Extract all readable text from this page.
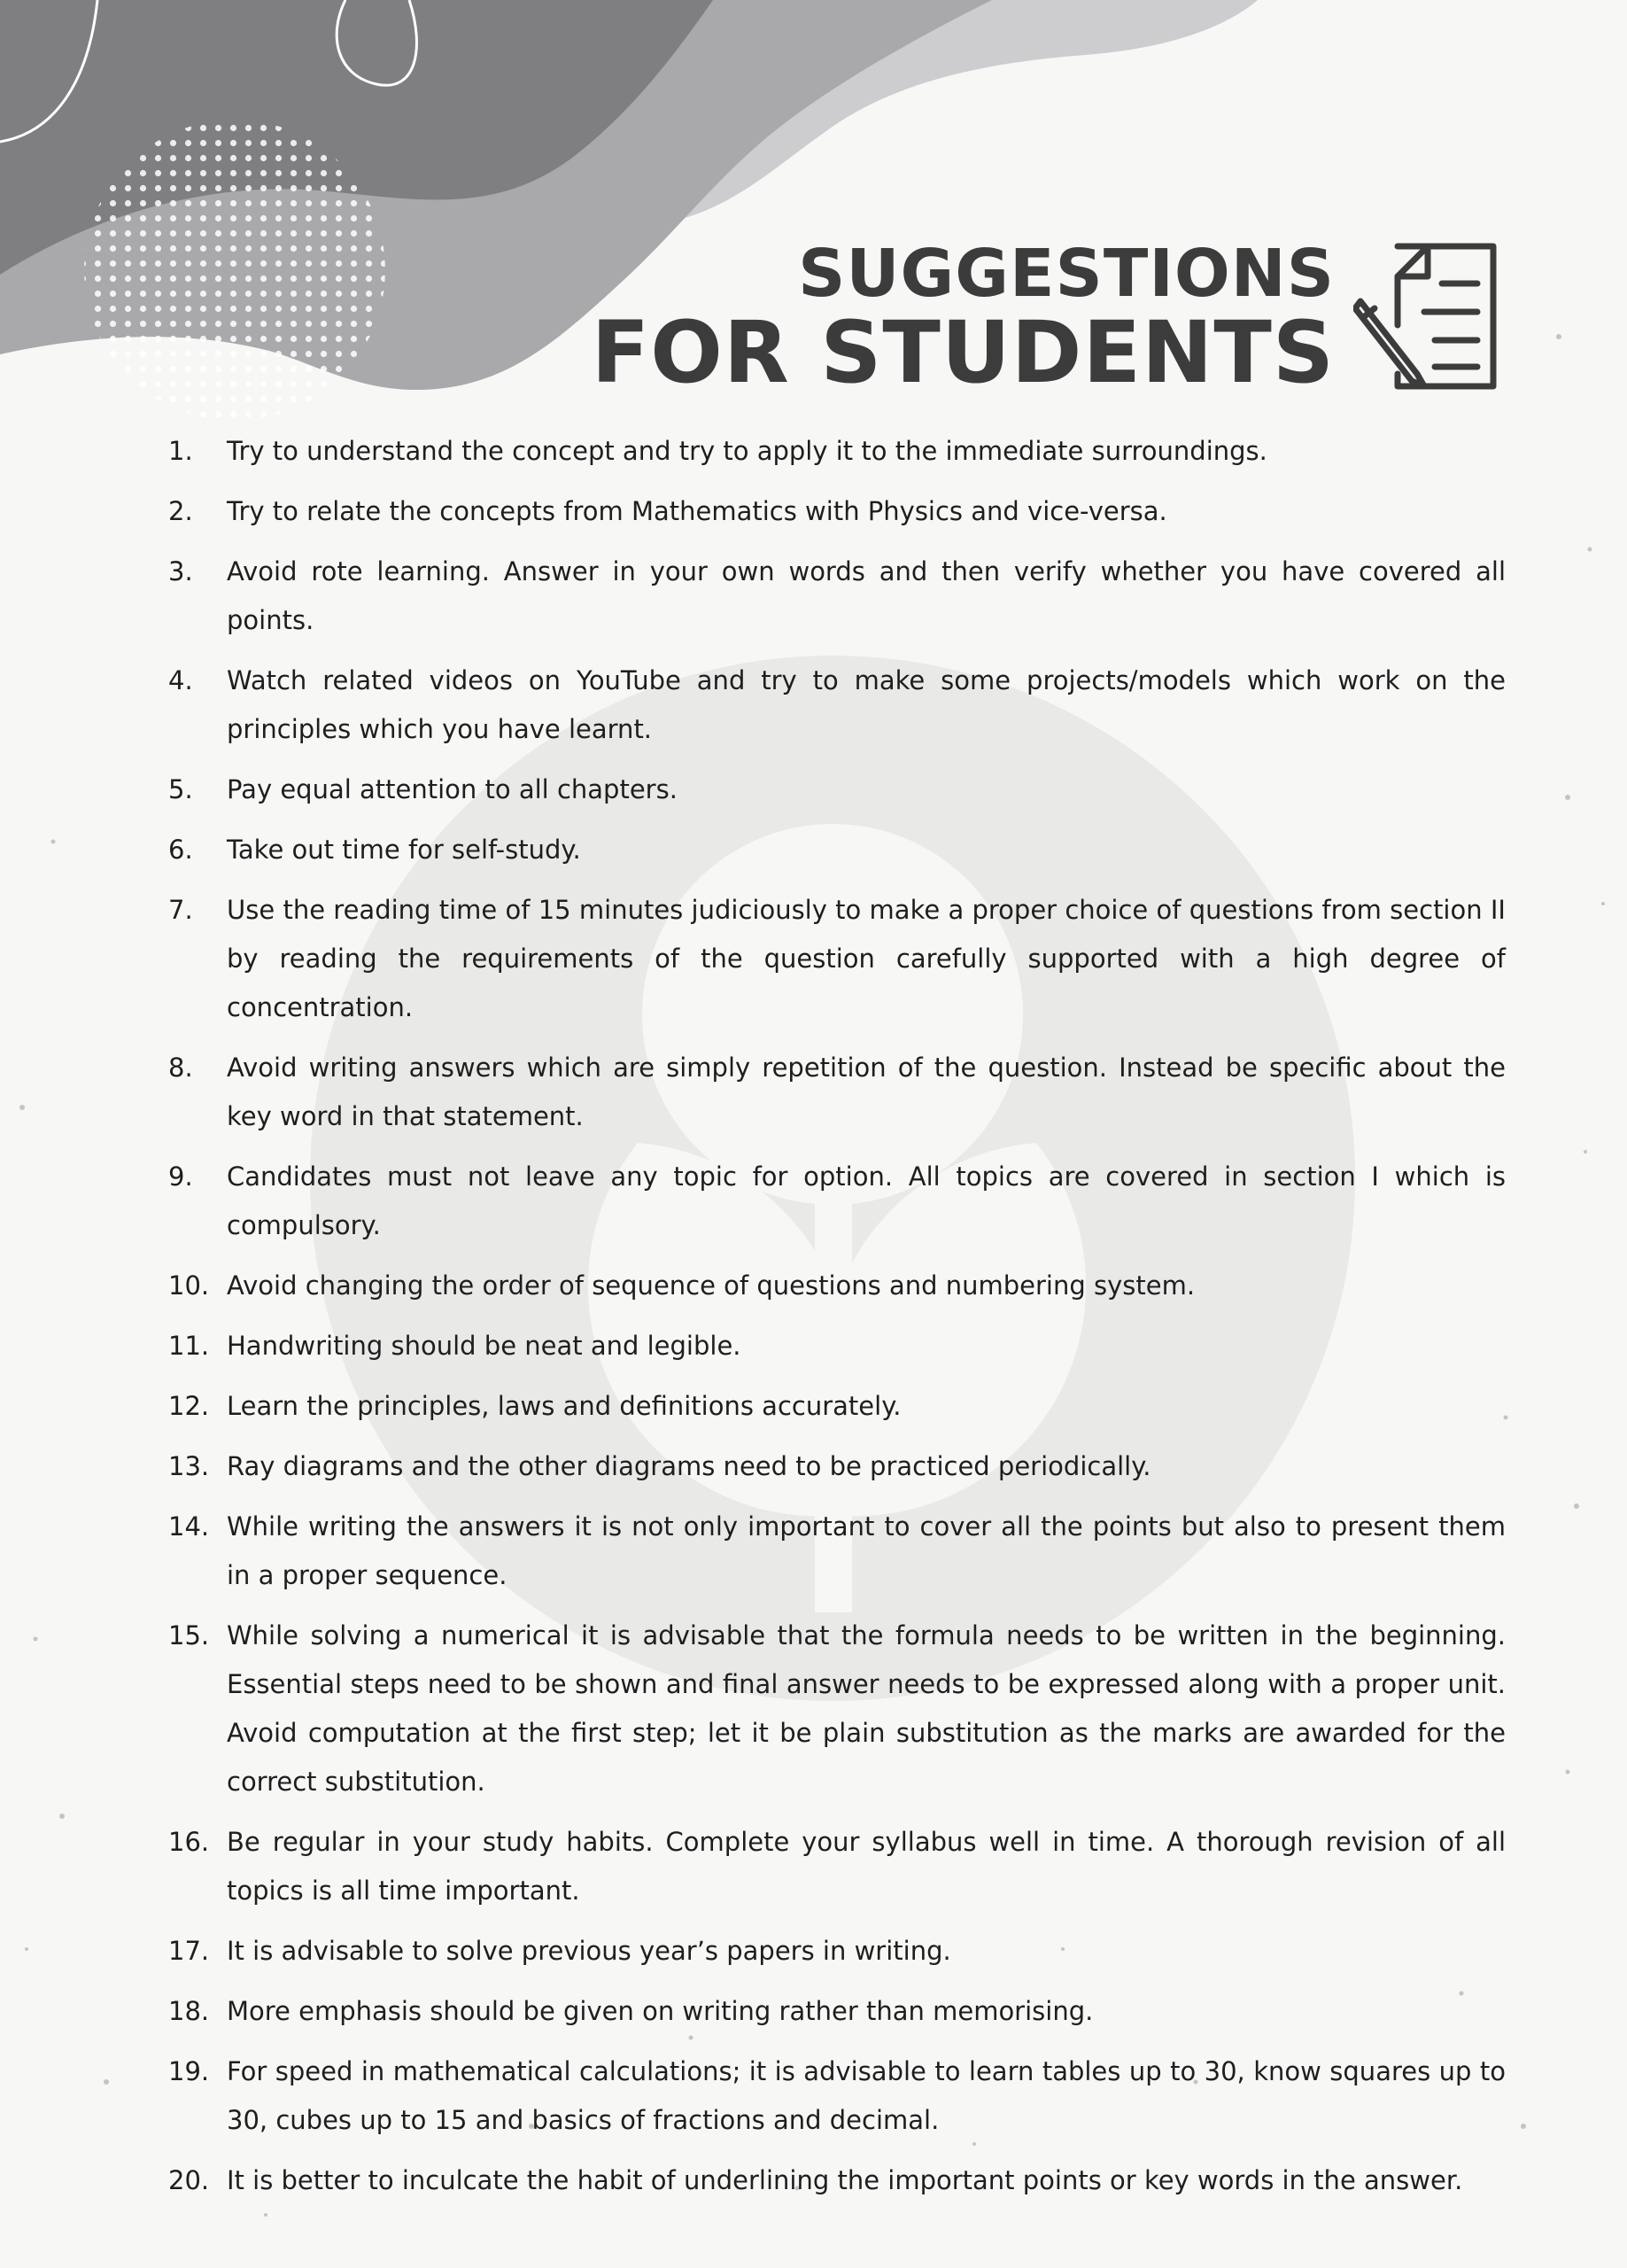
SUGGESTIONS
FOR STUDENTS
1.	Try to understand the concept and try to apply it to the immediate surroundings.
2.	Try to relate the concepts from Mathematics with Physics and vice-versa.
3.	Avoid rote learning. Answer in your own words and then verify whether you have covered all points.
4.	Watch related videos on YouTube and try to make some projects/models which work on the principles which you have learnt.
5.	Pay equal attention to all chapters.
6.	Take out time for self-study.
7.	Use the reading time of 15 minutes judiciously to make a proper choice of questions from section II by reading the requirements of the question carefully supported with a high degree of concentration.
8.	Avoid writing answers which are simply repetition of the question. Instead be specific about the key word in that statement.
9.	Candidates must not leave any topic for option. All topics are covered in section I which is compulsory.
10. Avoid changing the order of sequence of questions and numbering system.
11. Handwriting should be neat and legible.
12. Learn the principles, laws and definitions accurately.
13. Ray diagrams and the other diagrams need to be practiced periodically.
14. While writing the answers it is not only important to cover all the points but also to present them in a proper sequence.
15. While solving a numerical it is advisable that the formula needs to be written in the beginning. Essential steps need to be shown and final answer needs to be expressed along with a proper unit. Avoid computation at the first step; let it be plain substitution as the marks are awarded for the correct substitution.
16. Be regular in your study habits. Complete your syllabus well in time. A thorough revision of all topics is all time important.
17. It is advisable to solve previous year’s papers in writing.
18. More emphasis should be given on writing rather than memorising.
19. For speed in mathematical calculations; it is advisable to learn tables up to 30, know squares up to 30, cubes up to 15 and basics of fractions and decimal.
20. It is better to inculcate the habit of underlining the important points or key words in the answer.
